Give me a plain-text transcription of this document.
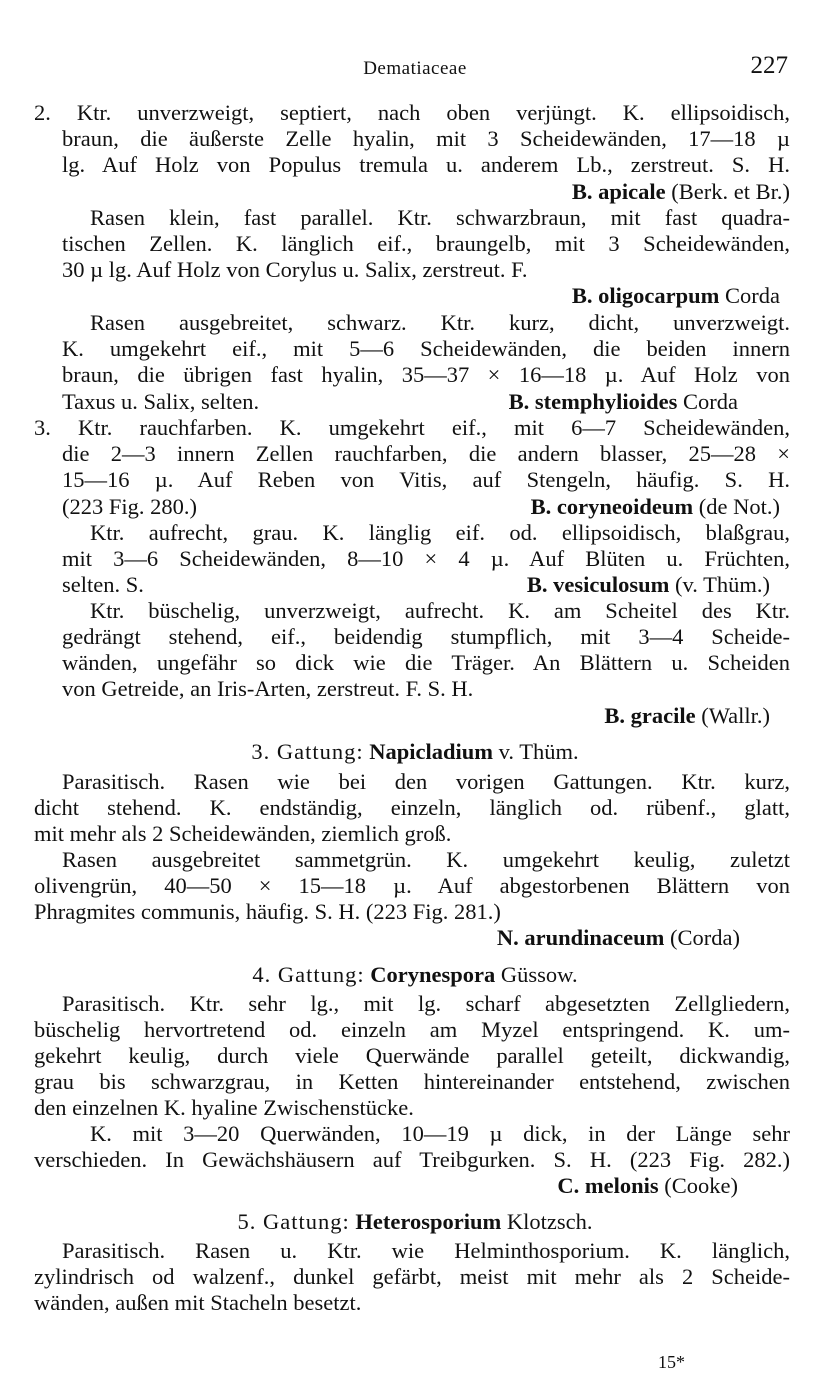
Dematiaceae	227
2. Ktr. unverzweigt, septiert, nach oben verjüngt. K. ellipsoidisch,
braun, die äußerste Zelle hyalin, mit 3 Scheidewänden, 17—18 µ
lg. Auf Holz von Populus tremula u. anderem Lb., zerstreut. S. H.
B. apicale (Berk. et Br.)
Rasen klein, fast parallel. Ktr. schwarzbraun, mit fast quadra-
tischen Zellen. K. länglich eif., braungelb, mit 3 Scheidewänden,
30 µ lg. Auf Holz von Corylus u. Salix, zerstreut. F.
B. oligocarpum Corda
Rasen ausgebreitet, schwarz. Ktr. kurz, dicht, unverzweigt.
K. umgekehrt eif., mit 5—6 Scheidewänden, die beiden innern
braun, die übrigen fast hyalin, 35—37 × 16—18 µ. Auf Holz von
Taxus u. Salix, selten.	B. stemphylioides Corda
3. Ktr. rauchfarben. K. umgekehrt eif., mit 6—7 Scheidewänden,
die 2—3 innern Zellen rauchfarben, die andern blasser, 25—28 ×
15—16 µ. Auf Reben von Vitis, auf Stengeln, häufig. S. H.
(223 Fig. 280.)	B. coryneoideum (de Not.)
Ktr. aufrecht, grau. K. länglig eif. od. ellipsoidisch, blaßgrau,
mit 3—6 Scheidewänden, 8—10 × 4 µ. Auf Blüten u. Früchten,
selten. S.	B. vesiculosum (v. Thüm.)
Ktr. büschelig, unverzweigt, aufrecht. K. am Scheitel des Ktr.
gedrängt stehend, eif., beidendig stumpflich, mit 3—4 Scheide-
wänden, ungefähr so dick wie die Träger. An Blättern u. Scheiden
von Getreide, an Iris-Arten, zerstreut. F. S. H.
B. gracile (Wallr.)
3. Gattung: Napicladium v. Thüm.
Parasitisch. Rasen wie bei den vorigen Gattungen. Ktr. kurz,
dicht stehend. K. endständig, einzeln, länglich od. rübenf., glatt,
mit mehr als 2 Scheidewänden, ziemlich groß.
Rasen ausgebreitet sammetgrün. K. umgekehrt keulig, zuletzt
olivengrün, 40—50 × 15—18 µ. Auf abgestorbenen Blättern von
Phragmites communis, häufig. S. H. (223 Fig. 281.)
N. arundinaceum (Corda)
4. Gattung: Corynespora Güssow.
Parasitisch. Ktr. sehr lg., mit lg. scharf abgesetzten Zellgliedern,
büschelig hervortretend od. einzeln am Myzel entspringend. K. um-
gekehrt keulig, durch viele Querwände parallel geteilt, dickwandig,
grau bis schwarzgrau, in Ketten hintereinander entstehend, zwischen
den einzelnen K. hyaline Zwischenstücke.
K. mit 3—20 Querwänden, 10—19 µ dick, in der Länge sehr
verschieden. In Gewächshäusern auf Treibgurken. S. H. (223 Fig. 282.)
C. melonis (Cooke)
5. Gattung: Heterosporium Klotzsch.
Parasitisch. Rasen u. Ktr. wie Helminthosporium. K. länglich,
zylindrisch od walzenf., dunkel gefärbt, meist mit mehr als 2 Scheide-
wänden, außen mit Stacheln besetzt.
15*
